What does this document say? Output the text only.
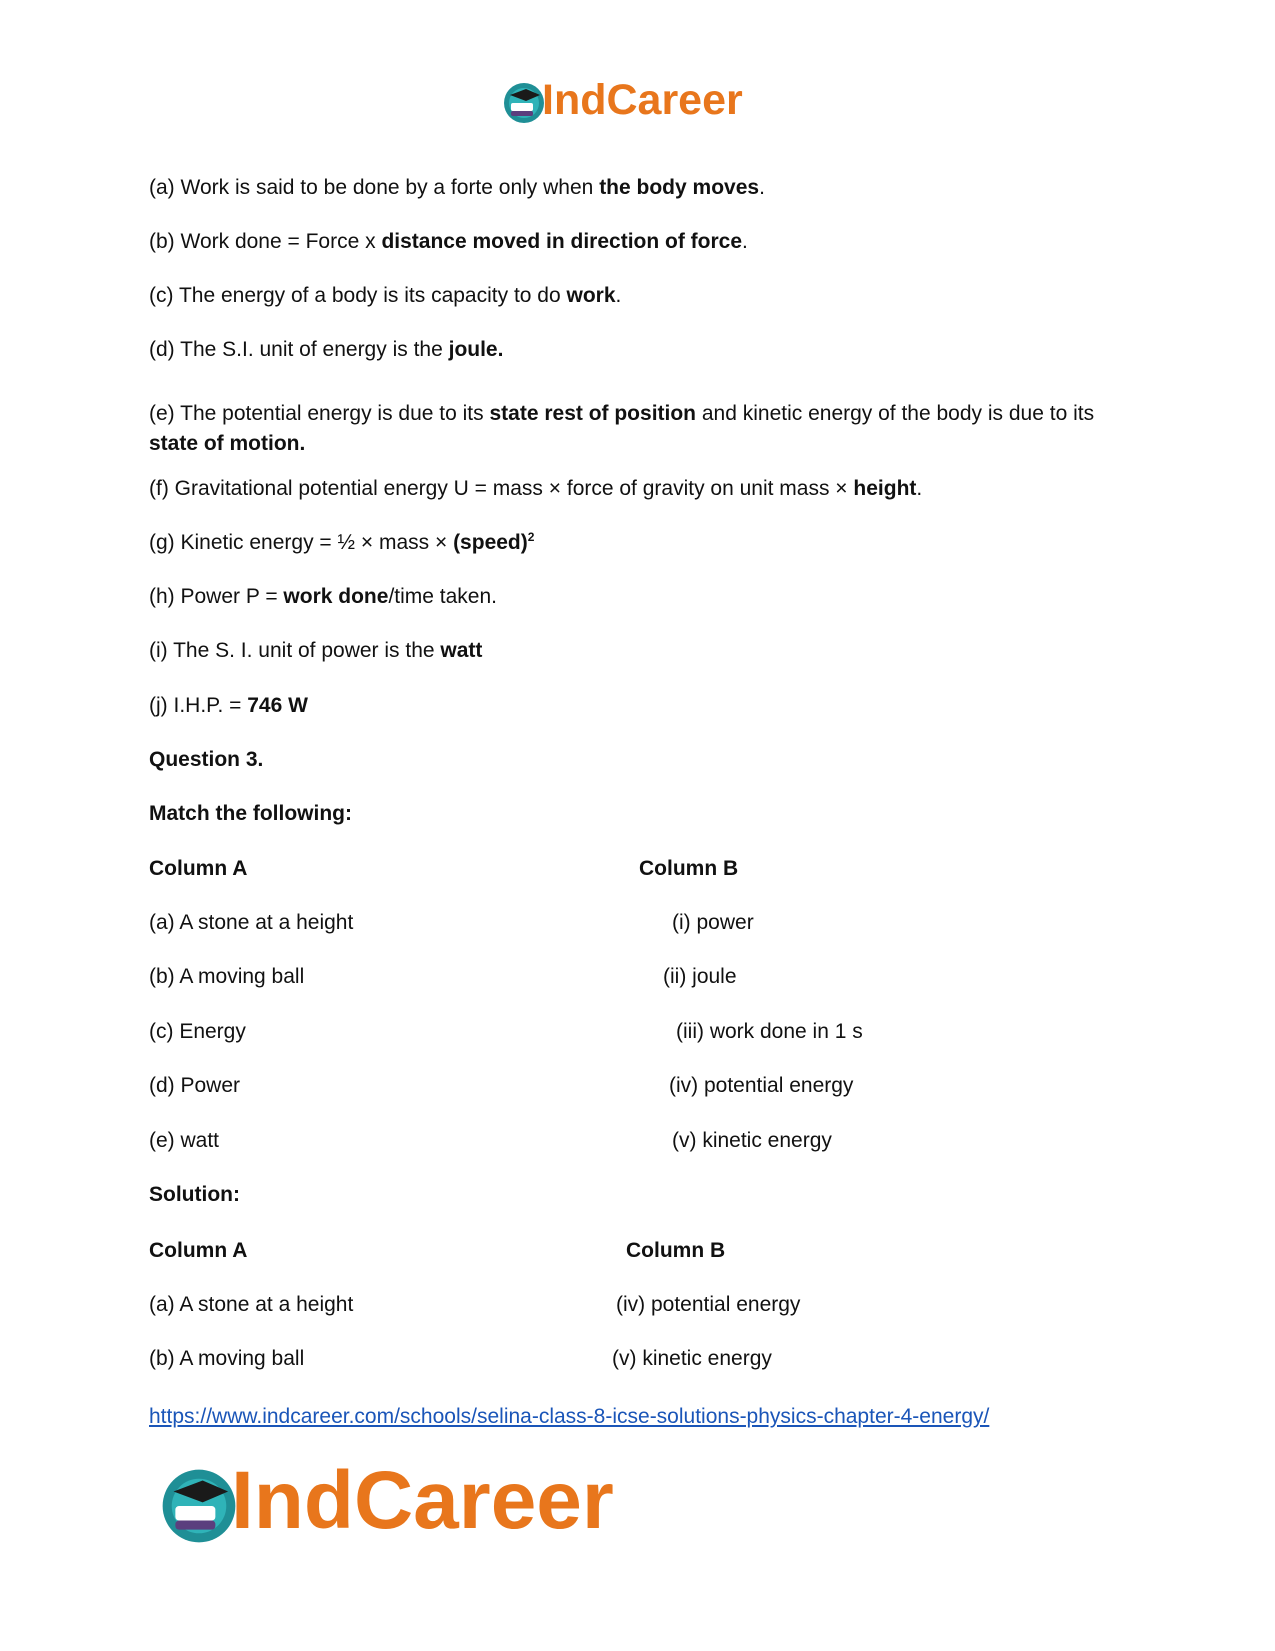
IndCareer
(a) Work is said to be done by a forte only when the body moves.
(b) Work done = Force x distance moved in direction of force.
(c) The energy of a body is its capacity to do work.
(d) The S.I. unit of energy is the joule.
(e) The potential energy is due to its state rest of position and kinetic energy of the body is due to its state of motion.
(f) Gravitational potential energy U = mass × force of gravity on unit mass × height.
(g) Kinetic energy = ½ × mass × (speed)$^2$
(h) Power P = work done/time taken.
(i) The S. I. unit of power is the watt
(j) I.H.P. = 746 W
Question 3.
Match the following:
Column A	Column B
(a) A stone at a height
(b) A moving ball
(c) Energy
(d) Power
(e) watt
(i) power
(ii) joule
(iii) work done in 1 s
(iv) potential energy
(v) kinetic energy
Solution:
Column A	Column B
(a) A stone at a height
(b) A moving ball
(iv) potential energy
(v) kinetic energy
https://www.indcareer.com/schools/selina-class-8-icse-solutions-physics-chapter-4-energy/
IndCareer
